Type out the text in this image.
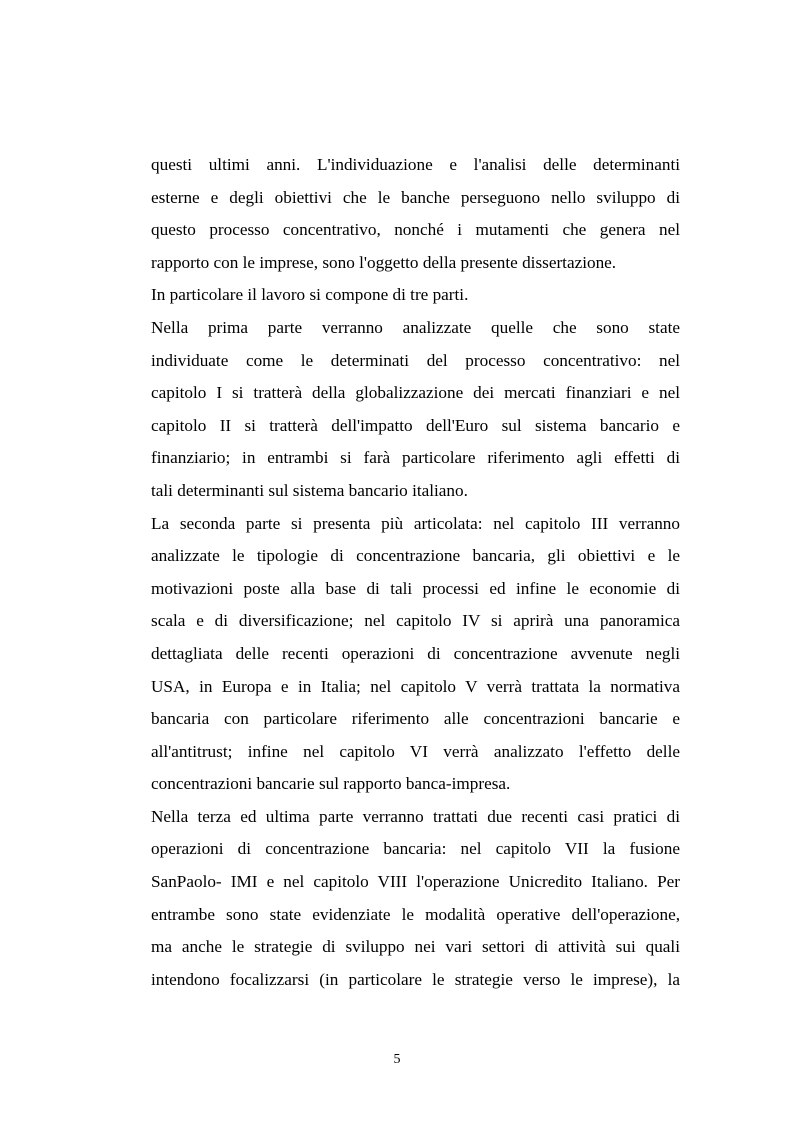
questi ultimi anni. L'individuazione e l'analisi delle determinanti
esterne e degli obiettivi che le banche perseguono nello sviluppo di
questo processo concentrativo, nonché i mutamenti che genera nel
rapporto con le imprese, sono l'oggetto della presente dissertazione.
In particolare il lavoro si compone di tre parti.
Nella prima parte verranno analizzate quelle che sono state
individuate come le determinati del processo concentrativo: nel
capitolo I si tratterà della globalizzazione dei mercati finanziari e nel
capitolo II si tratterà dell'impatto dell'Euro sul sistema bancario e
finanziario; in entrambi si farà particolare riferimento agli effetti di
tali determinanti sul sistema bancario italiano.
La seconda parte si presenta più articolata: nel capitolo III verranno
analizzate le tipologie di concentrazione bancaria, gli obiettivi e le
motivazioni poste alla base di tali processi ed infine le economie di
scala e di diversificazione; nel capitolo IV si aprirà una panoramica
dettagliata delle recenti operazioni di concentrazione avvenute negli
USA, in Europa e in Italia; nel capitolo V verrà trattata la normativa
bancaria con particolare riferimento alle concentrazioni bancarie e
all'antitrust; infine nel capitolo VI verrà analizzato l'effetto delle
concentrazioni bancarie sul rapporto banca-impresa.
Nella terza ed ultima parte verranno trattati due recenti casi pratici di
operazioni di concentrazione bancaria: nel capitolo VII la fusione
SanPaolo- IMI e nel capitolo VIII l'operazione Unicredito Italiano. Per
entrambe sono state evidenziate le modalità operative dell'operazione,
ma anche le strategie di sviluppo nei vari settori di attività sui quali
intendono focalizzarsi (in particolare le strategie verso le imprese), la
5
